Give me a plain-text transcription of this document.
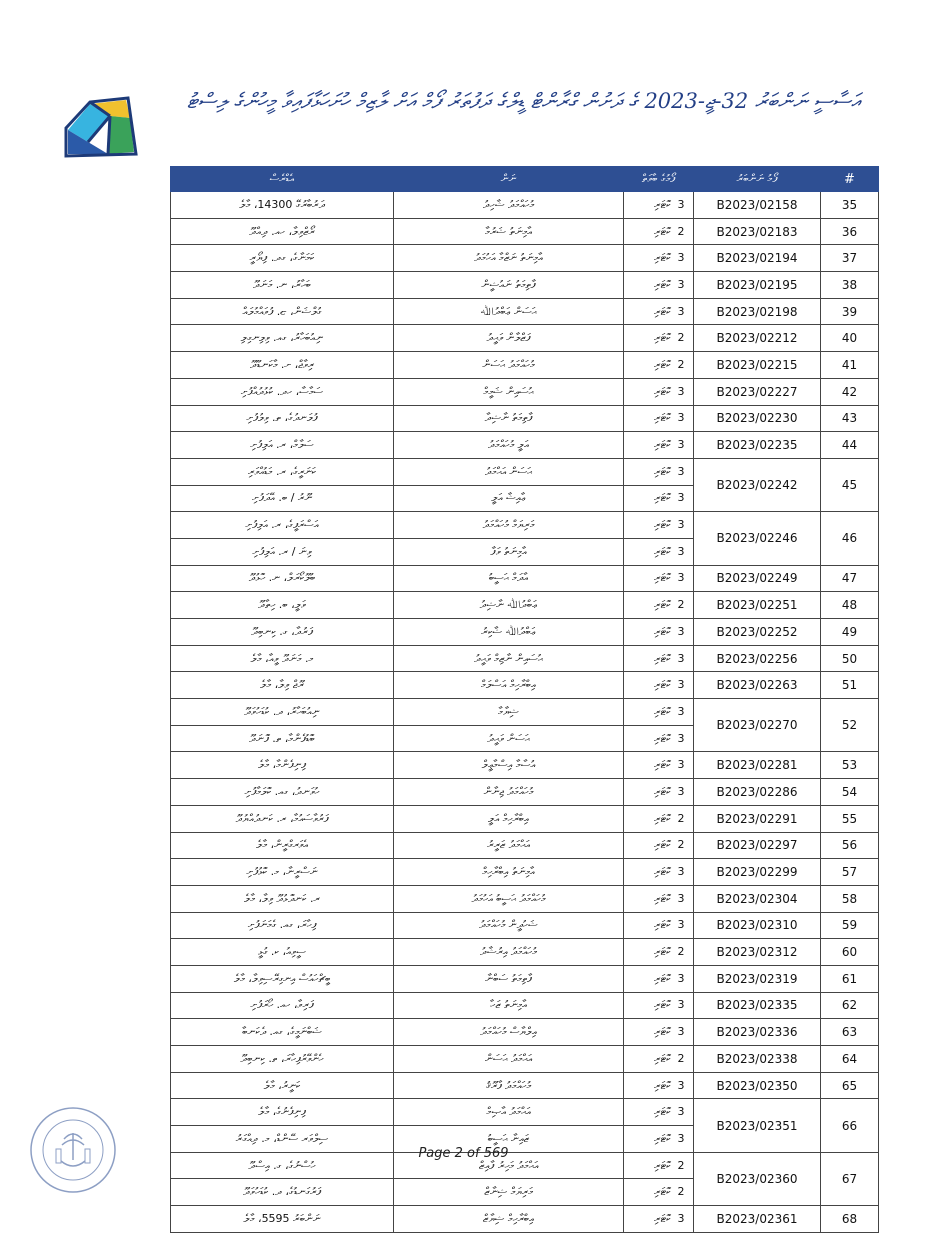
އަސާސީ ނަންބަރު 32-ޖީ-2023 ގެ ދަށުން ގްރާންޓް ޑީލްގެ ދަފުތަރު ފޯމް އަށް ލާޒިމް ހުށަހަޅާފައިވާ މީހުންގެ ލިސްޓު
#	ފޯމު ނަންބަރު	ފޯމުގެ ބާވަތް	ނަން	އެޑްރެސް
35	B2023/02158	3 ކޮޓަރި	މުހައްމަދު ޝާހިދު	ދަރުބާރުގޭ 14300، މާލެ
36	B2023/02183	2 ކޮޓަރި	އާމިނަތު ޝަރުމާ	ރޯޒްވިލާ، ހއ. ދިއްދޫ
37	B2023/02194	3 ކޮޓަރި	އާމިނަތު ނަޒްމާ އަހުމަދު	ކަމަނާގެ، ގދ. ފިޔޯރީ
38	B2023/02195	3 ކޮޓަރި	ފާތިމަތު ނައުޝީން	ބަހާރު، ނ. މަނަދޫ
39	B2023/02198	3 ކޮޓަރި	ޙަސަން ޢަބްދުﷲ	ގުލްޝަން، ޏ. ފުވައްމުލައް
40	B2023/02212	2 ކޮޓަރި	ފަޒްލާން ވަޙީދު	ނިއުބަހާރު، ގއ. ވިލިނގިލި
41	B2023/02215	2 ކޮޓަރި	މުހައްމަދު ޙަސަން	ރިވާޖް، ށ. މާކަނޑޫދޫ
42	B2023/02227	3 ކޮޓަރި	ޙުސައިން ޝަމީމް	ސަމާސާ، ހދ. ކުޅުދުއްފުށި
43	B2023/02230	3 ކޮޓަރި	ފާތިމަތު ނާޝިދާ	ފުލަނދުގެ، ތ. ވިލުފުށި
44	B2023/02235	3 ކޮޓަރި	އަލީ މުހައްމަދު	ސަލާމް، ރ. އަލިފުށި
45	B2023/02242	3 ކޮޓަރި	ޙަސަން އަޙްމަދު	ކަނަރީގެ، ރ. މަޑުއްވަރި
		3 ކޮޓަރި	ޢާއިޝާ އަލީ	ނޫރު / ބ. އޭދަފުށި
46	B2023/02246	3 ކޮޓަރި	މަރިޔަމް މުހައްމަދު	އަސްރަފީގެ، ރ. އަލިފުށި
		3 ކޮޓަރި	އާމިނަތު ވަފާ	ވިނަ / ރ. އަލިފުށި
47	B2023/02249	3 ކޮޓަރި	އާދަމް ޙަސީބު	ބުލޫކޯރަލް، ނ. ހޮޅުދޫ
48	B2023/02251	2 ކޮޓަރި	ޢަބްދުﷲ ނާޝިދު	ވަލީ، ބ. ހިތާދޫ
49	B2023/02252	3 ކޮޓަރި	ޢަބްދުﷲ ޝާކިރު	ފަރުދާ، ގ. ކިނބިދޫ
50	B2023/02256	3 ކޮޓަރި	ޙުސައިން ނާޒިމް ވަޙީދު	މ. މަނަދޫ ވީއާ، މާލެ
51	B2023/02263	3 ކޮޓަރި	އިބްރާހިމް އަސްލަމް	ރޫޖް ވިލާ، މާލެ
52	B2023/02270	3 ކޮޓަރި	ޝިޔާމާ	ނިއުބަހާރު، ދ. ކުޑަހުވަދޫ
		3 ކޮޓަރި	ޙަސަން ވަޙީދު	ބޮޑުފެންމާ، ތ. ފޮނަދޫ
53	B2023/02281	3 ކޮޓަރި	އުސާމާ އިސްމާޢީލް	ފިނިފެންމާ، މާލެ
54	B2023/02286	3 ކޮޓަރި	މުހައްމަދު ޖިނާން	ހުވަނދު، ގއ. ކޮލަމާފުށި
55	B2023/02291	2 ކޮޓަރި	އިބްރާހިމް އަލީ	ފަރުވާސައުމާ، ރ. ކަނދުއްޔުދޫ
56	B2023/02297	2 ކޮޓަރި	އަޙްމަދު ޒަރީރު	އެވަރގްރީން، މާލެ
57	B2023/02299	3 ކޮޓަރި	އާމިނަތު އިބްރާހިމް	ނަސްރީނާ، މ. ކޮޅުފުށި
58	B2023/02304	3 ކޮޓަރި	މުހައްމަދު ޙަސީބު އަހުމަދު	ރ. ކަނދޮޅުދޫ ވިލާ، މާލެ
59	B2023/02310	3 ކޮޓަރި	ޝަހުދީން މުހައްމަދު	ފިހާރަ، ގއ. ގެމަނަފުށި
60	B2023/02312	2 ކޮޓަރި	މުހައްމަދު އިރުޝާދު	ސީވިއު، ކ. ގުޅީ
61	B2023/02319	3 ކޮޓަރި	ފާތިމަތު ސަބްނާ	ބީޗްހައުސް އިނގިރޭސިވިލާ، މާލެ
62	B2023/02335	3 ކޮޓަރި	އާމިނަތު ޒަހާ	ފަރިވާ، ހއ. ހޯރަފުށި
63	B2023/02336	3 ކޮޓަރި	އިލްޔާސް މުހައްމަދު	ޝަބްނަމީގެ، ގއ. ދެކަނބާ
64	B2023/02338	2 ކޮޓަރި	އަޙްމަދު ޙަސަން	ހެންވޭރުފިހާރަ، ތ. ކިނބިދޫ
65	B2023/02350	3 ކޮޓަރި	މުހައްމަދު ފާރޫޤު	ކަނީރު، މާލެ
66	B2023/02351	3 ކޮޓަރި	އަޙްމަދު އާޞިމް	ފިނިފެނުގެ، މާލެ
		3 ކޮޓަރި	ޒައިނާ ޙަސީބު	ސިލްވަރ ސޭންޑް، މ. ދިއްގަރު
67	B2023/02360	2 ކޮޓަރި	އަޙްމަދު މަހިރު ފާއިޒް	ހުސްނުގެ، ގ. އިސްދޫ
		2 ކޮޓަރި	މަރިޔަމް ޝިނާޒް	ފަރުގަނޑުގެ، ދ. ކުޑަހުވަދޫ
68	B2023/02361	3 ކޮޓަރި	އިބްރާހިމް ޝިޔާޒް	ނަންބަރު 5595، މާލެ
Page 2 of 569
